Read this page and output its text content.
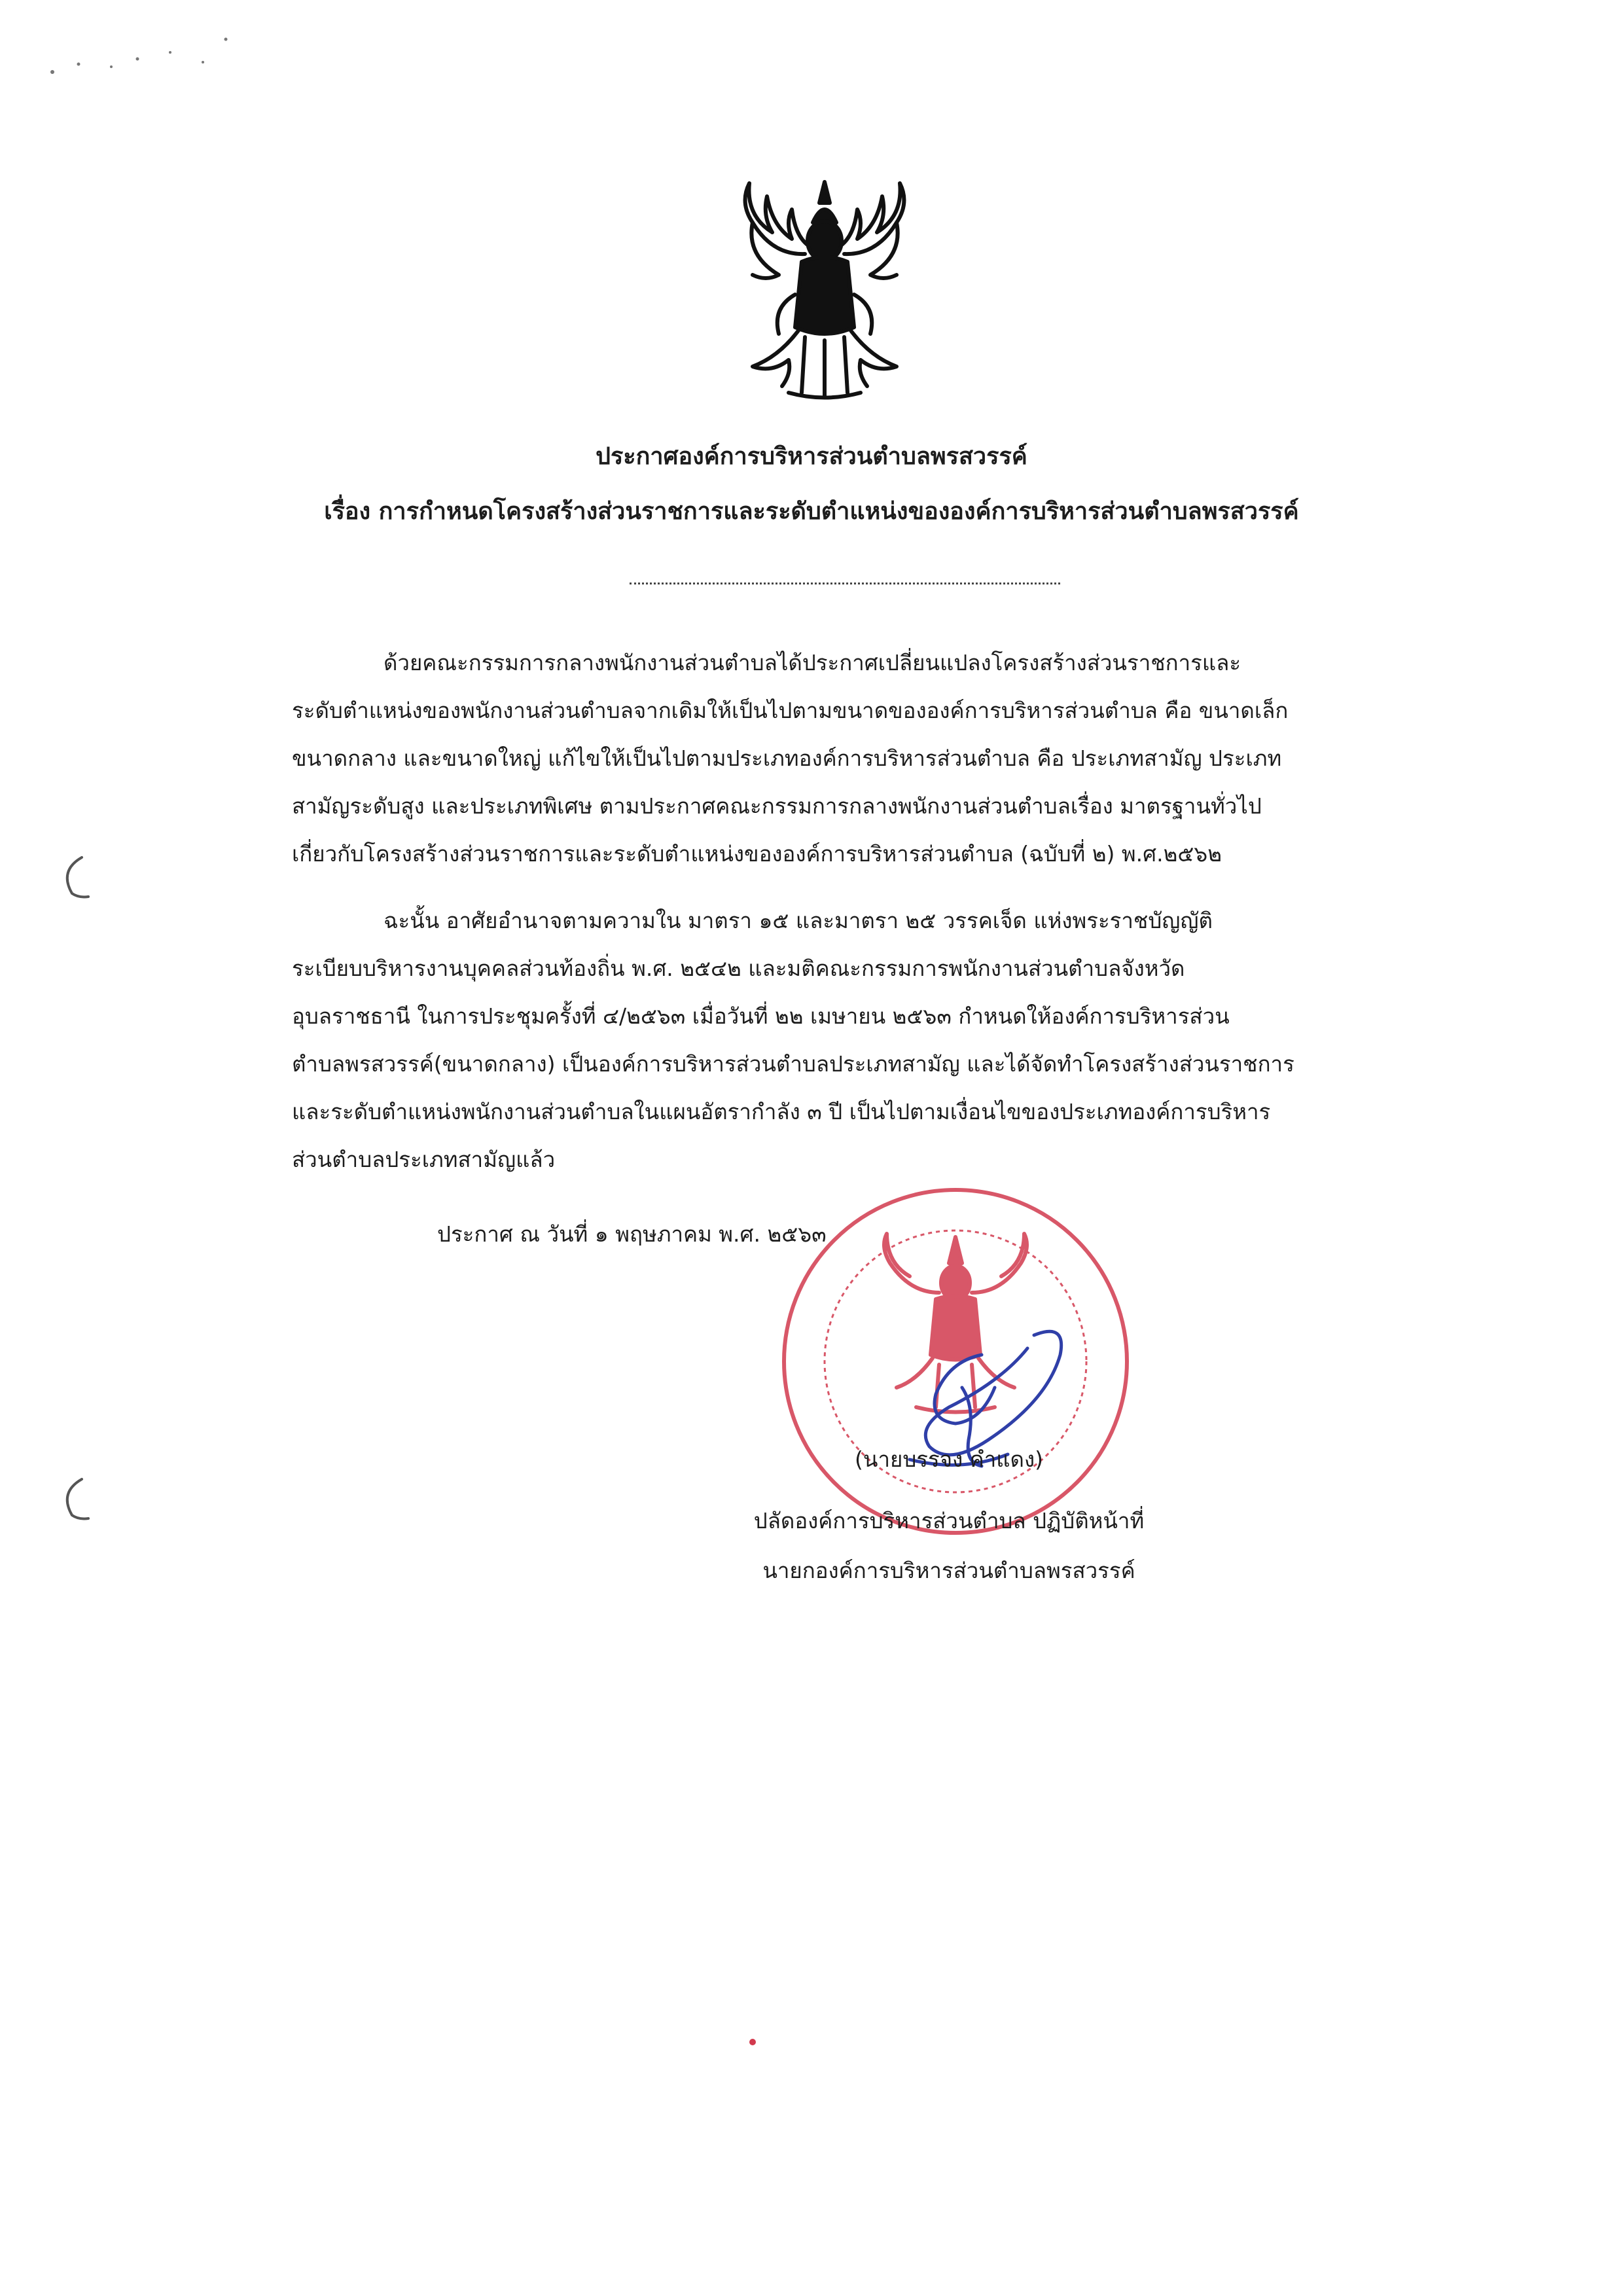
ประกาศองค์การบริหารส่วนตำบลพรสวรรค์
เรื่อง การกำหนดโครงสร้างส่วนราชการและระดับตำแหน่งขององค์การบริหารส่วนตำบลพรสวรรค์
ด้วยคณะกรรมการกลางพนักงานส่วนตำบลได้ประกาศเปลี่ยนแปลงโครงสร้างส่วนราชการและ
ระดับตำแหน่งของพนักงานส่วนตำบลจากเดิมให้เป็นไปตามขนาดขององค์การบริหารส่วนตำบล คือ ขนาดเล็ก
ขนาดกลาง และขนาดใหญ่ แก้ไขให้เป็นไปตามประเภทองค์การบริหารส่วนตำบล คือ ประเภทสามัญ ประเภท
สามัญระดับสูง และประเภทพิเศษ ตามประกาศคณะกรรมการกลางพนักงานส่วนตำบลเรื่อง มาตรฐานทั่วไป
เกี่ยวกับโครงสร้างส่วนราชการและระดับตำแหน่งขององค์การบริหารส่วนตำบล (ฉบับที่ ๒) พ.ศ.๒๕๖๒
ฉะนั้น อาศัยอำนาจตามความใน มาตรา ๑๕ และมาตรา ๒๕ วรรคเจ็ด แห่งพระราชบัญญัติ
ระเบียบบริหารงานบุคคลส่วนท้องถิ่น พ.ศ. ๒๕๔๒ และมติคณะกรรมการพนักงานส่วนตำบลจังหวัด
อุบลราชธานี ในการประชุมครั้งที่ ๔/๒๕๖๓ เมื่อวันที่ ๒๒ เมษายน ๒๕๖๓ กำหนดให้องค์การบริหารส่วน
ตำบลพรสวรรค์(ขนาดกลาง) เป็นองค์การบริหารส่วนตำบลประเภทสามัญ และได้จัดทำโครงสร้างส่วนราชการ
และระดับตำแหน่งพนักงานส่วนตำบลในแผนอัตรากำลัง ๓ ปี เป็นไปตามเงื่อนไขของประเภทองค์การบริหาร
ส่วนตำบลประเภทสามัญแล้ว
ประกาศ ณ วันที่ ๑ พฤษภาคม พ.ศ. ๒๕๖๓
(นายบรรจง คำแดง)
ปลัดองค์การบริหารส่วนตำบล ปฏิบัติหน้าที่
นายกองค์การบริหารส่วนตำบลพรสวรรค์
